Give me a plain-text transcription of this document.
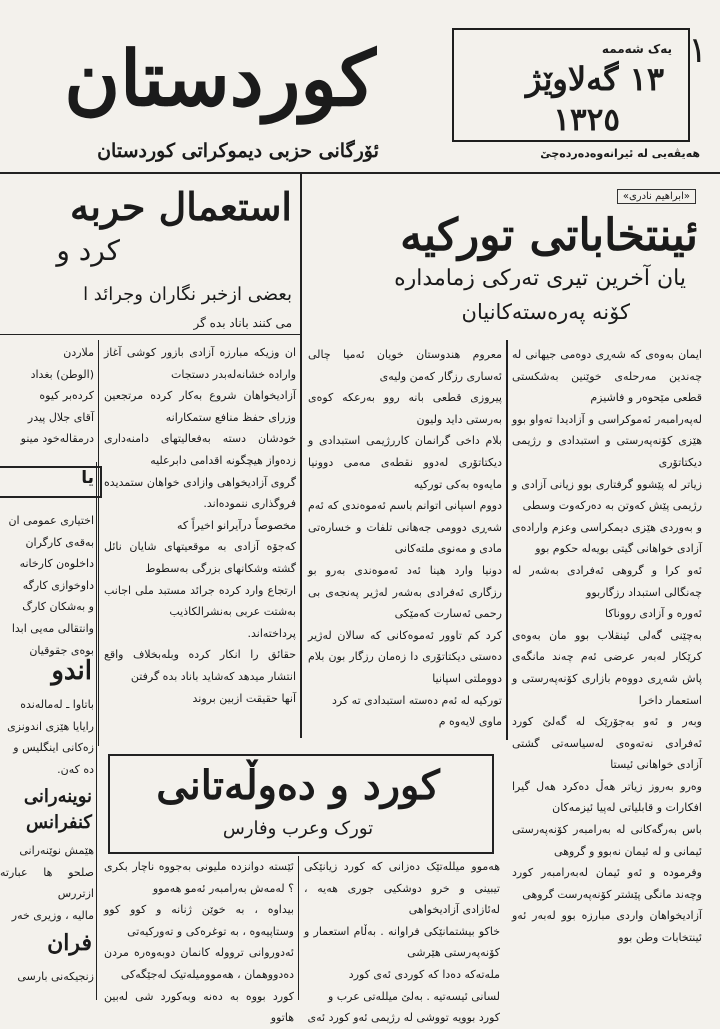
کوردستان
ئۆرگانی حزبی دیموکراتی کوردستان
یەک شەممە
١٣ گەلاوێژ
١٣٢٥
۱
هەیڤەیی لە ئیرانەوەدەردەچێ
«ابراهیم نادری»
ئینتخاباتی تورکیە
یان آخرین تیری تەرکی زمامدارە
کۆنە پەرەستەکانیان

ایمان بەوەی کە شەڕی دوەمی جیهانی لە چەندین مەرحلەی خوێنین بەشکستی قطعی مێحوەر و فاشیزم

لەپەرامبەر ئەموکراسی و آزادیدا تەواو بوو هێزی کۆنەپەرستی و استبدادی و رژیمی دیکتاتۆری

زیاتر لە پێشوو گرفتاری بوو زیانی آزادی و رژیمی پێش کەوتن بە دەرکەوت وسطی

و بەوردی هێزی دیمکراسی وعزم وارادەی آزادی خواهانی گیتی بویەلە حکوم بوو

ئەو کرا و گروهی ئەفرادی بەشەر لە چەنگالی استبداد رزگاربوو

ئەورە و آزادی رووناکا

بەچێنی گەلی ئینقلاب بوو مان بەوەی کرێکار لەبەر عرضی ئەم چەند مانگەی پاش شەڕی دووەم بازاری کۆنەپەرستی و استعمار داخرا

وبەر و ئەو بەجۆرێک لە گەلێ کورد ئەفرادی نەتەوەی لەسیاسەتی گشتی آزادی خواهانی ئیستا

وەرو بەروز زیاتر هەڵ دەکرد هەل گیرا افکارات و قابلیاتی لەپیا ئیزمەکان

باس بەرگەکانی لە بەرامبەر کۆنەپەرستی ئیمانی و لە ئیمان نەبوو و گروهی

وفرموده و ئەو ئیمان لەبەرامبەر کورد وچەند مانگی پێشتر کۆنەپەرست گروهی

آزادیخواهان واردی مبارزە بوو لەبەر ئەو ئینتخابات وطن بوو

معروم هندوستان خویان ئەمیا چالی ئەساری رزگار کەمن ولیەی

پیروزی قطعی بانە روو بەرعکه کوەی بەرستی داید ولیون

بلام داخی گرانمان کاررژیمی استبدادی و دیکتاتۆری لەدوو نقطەی مەمی دوونیا مایەوە بەکی تورکیە

دووم اسپانی اتوانم باسم ئەموەندی کە ئەم شەڕی دوومی جەهانی تلفات و خسارەتی مادی و مەنوی ملتەکانی

دونیا وارد هینا ئەد ئەموەندی بەرو بو رزگاری ئەفرادی بەشەر لەژیر پەنجەی بی رحمی ئەسارت کەمێکی

کرد کم تاوور ئەموەکانی کە سالان لەژیر دەستی دیکتاتۆری دا زەمان رزگار بون بلام دووملتی اسپانیا

تورکیە لە ئەم دەستە استبدادی تە کرد

ماوی لایەوە م

استعمال حربە
کرد و
بعضی ازخبر نگاران وجرائد ا
می کنند باناد بدە گر

ان وزیکە مبارزە آزادی بازور کوشی آغاز وارادە خشانەلەبدر دستجات

آزادیخواهان شروع بەکار کردە مرتجعین وزرای حفظ منافع ستمکارانە

خودشان دستە بەفعالیتهای دامنەداری زدەواز هیچگونە اقدامی دابرعلیە

گروی آزادیخواهی وازادی خواهان ستمدیدە فروگذاری ننمودەاند.

مخصوصاً درآیرانو اخیراً کە

کەجۆە آزادی بە موقعیتهای شایان نائل گشتە وشکانهای بزرگی بەسطوط

ارتجاع وارد کردە جرائد مستبد ملی اجانب بەشتت عربی بەنشرالکاذیب

پرداختەاند.

حقائق را انکار کردە وبلەبخلاف واقع انتشار میدهد کەشاید باناد بدە گرفتن

آنها حقیقت ازبین بروند

ملاردن

(الوطن) بغداد

کردەبر کیوە

آقای جلال پیدر

درمقالەخود مینو

یا

اختیاری عمومی ان

بەقەی کارگران

داخلوەن کارخانە

داوخوازی کارگە

و بەشکان کارگ

وانتقالی مەیی ابدا

بوەی جقوقیان

اندو

باتاوا ـ لەمالەندە

رایایا هێزی اندونزی

زەکانی اینگلیس و

دە کەن.

نوینەرانی
کنفرانس

هێمش نوێنەرانی

صلحو ها عبارتە ازتررس

مالیە ، وزیری خەر

فران

زنجیکەنی بارسی

کورد و دەوڵەتانی
تورک وعرب وفارس

هەموو میللەتێک دەزانی کە کورد زیانێکی تیبینی و خرو دوشکیی جوری هەیە ، لەئازادی آزادیخواهی

خاکو بیشتمانێکی فراوانە . بەڵام استعمار و کۆنەپەرستی هێرشی

ملەتەکە دەدا کە کوردی ئەی کورد

لسانی ئیسەتیە . بەلێ میللەتی عرب و

کورد بوویە تووشی لە رژیمی ئەو کورد ئەی

ئێستە دوانزدە ملیونی بەجووە ناچار بکری ؟ لەمەش بەرامبەر ئەمو هەموو

بیداوە ، بە خوێن ژنانە و کوو کوو وستاپیەوە ، بە توغرەکی و تەورکیەتی

ئەدوروانی تروولە کانمان دوبەوەرە مردن دەدووهمان ، هەموومیلەتیک لەجێگەکی

کورد بووە بە دەنە وبەکورد شی لەبین هاتوو
